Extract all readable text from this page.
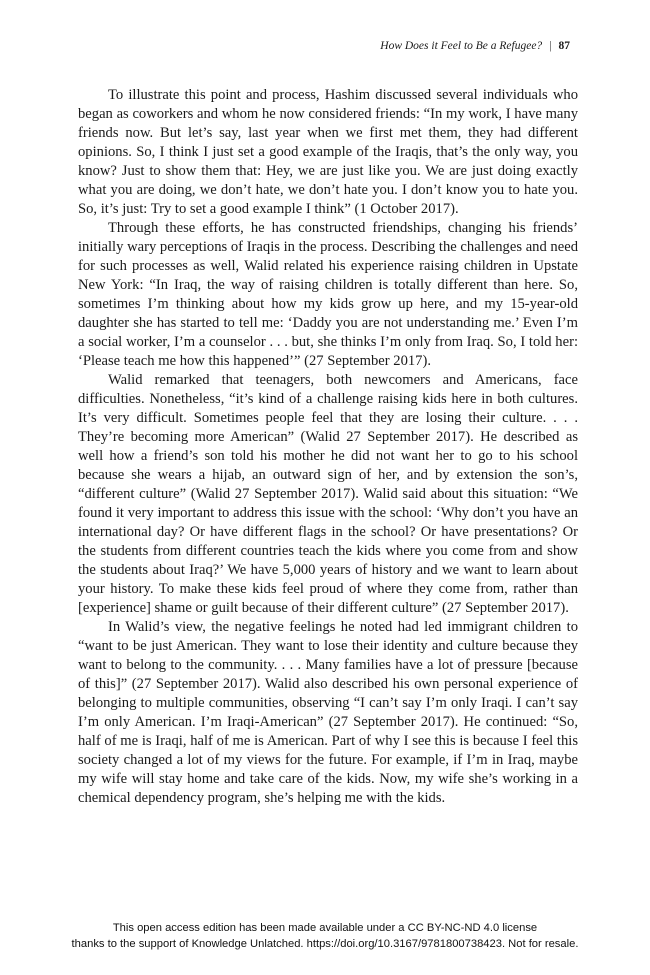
How Does it Feel to Be a Refugee? | 87

To illustrate this point and process, Hashim discussed several individuals who began as coworkers and whom he now considered friends: “In my work, I have many friends now. But let’s say, last year when we first met them, they had different opinions. So, I think I just set a good example of the Iraqis, that’s the only way, you know? Just to show them that: Hey, we are just like you. We are just doing exactly what you are doing, we don’t hate, we don’t hate you. I don’t know you to hate you. So, it’s just: Try to set a good example I think” (1 October 2017).

Through these efforts, he has constructed friendships, changing his friends’ initially wary perceptions of Iraqis in the process. Describing the challenges and need for such processes as well, Walid related his experience raising children in Upstate New York: “In Iraq, the way of raising children is totally different than here. So, sometimes I’m thinking about how my kids grow up here, and my 15-year-old daughter she has started to tell me: ‘Daddy you are not understanding me.’ Even I’m a social worker, I’m a counselor . . . but, she thinks I’m only from Iraq. So, I told her: ‘Please teach me how this happened’” (27 September 2017).

Walid remarked that teenagers, both newcomers and Americans, face difficulties. Nonetheless, “it’s kind of a challenge raising kids here in both cultures. It’s very difficult. Sometimes people feel that they are losing their culture. . . . They’re becoming more American” (Walid 27 September 2017). He described as well how a friend’s son told his mother he did not want her to go to his school because she wears a hijab, an outward sign of her, and by extension the son’s, “different culture” (Walid 27 September 2017). Walid said about this situation: “We found it very important to address this issue with the school: ‘Why don’t you have an international day? Or have different flags in the school? Or have presentations? Or the students from different countries teach the kids where you come from and show the students about Iraq?’ We have 5,000 years of history and we want to learn about your history. To make these kids feel proud of where they come from, rather than [experience] shame or guilt because of their different culture” (27 September 2017).

In Walid’s view, the negative feelings he noted had led immigrant children to “want to be just American. They want to lose their identity and culture because they want to belong to the community. . . . Many families have a lot of pressure [because of this]” (27 September 2017). Walid also described his own personal experience of belonging to multiple communities, observing “I can’t say I’m only Iraqi. I can’t say I’m only American. I’m Iraqi-American” (27 September 2017). He continued: “So, half of me is Iraqi, half of me is American. Part of why I see this is because I feel this society changed a lot of my views for the future. For example, if I’m in Iraq, maybe my wife will stay home and take care of the kids. Now, my wife she’s working in a chemical dependency program, she’s helping me with the kids.

This open access edition has been made available under a CC BY-NC-ND 4.0 license
thanks to the support of Knowledge Unlatched. https://doi.org/10.3167/9781800738423. Not for resale.
